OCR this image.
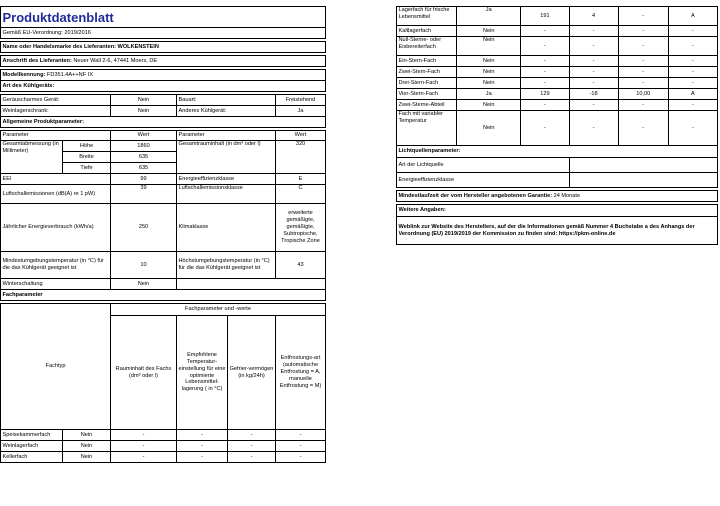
Produktdatenblatt					
Gemäß EU-Verordnung: 2019/2016					

Name oder Handelsmarke des Lieferanten: WOLKENSTEIN					

Anschrift des Lieferanten: Neuer Wall 2-6, 47441 Moers, DE					

Modellkennung: FD351.4A++NF IX					
Art des Kühlgeräts:					

Geräuscharmes Gerät:		Nein	Bauart:		Freistehend
Weinlagerschrank:		Nein	Anderes Kühlgerät:		Ja
Allgemeine Produktparameter:					

Parameter		Wert	Parameter		Wert
Gesamtabmessung (in Millimeter)	Höhe	1860	Gesamtrauminhalt (in dm³ oder l)		320
	Breite	635			
	Tiefe	635			
EEI		99	Energieeffizienzklasse		E
Luftschallemissionen (dB(A) re 1 pW)		39	Luftschallemissionsklasse		C
Jährlicher Energieverbrauch (kWh/a)		250	Klimaklasse		erweiterte gemäßigte, gemäßigte, Subtropische, Tropische Zone
Mindestumgebungstemperatur (in °C) für die das Kühlgerät geeignet ist		10	Höchstumgebungstemperatur (in °C) für die das Kühlgerät geeignet ist		43
Winterschaltung		Nein			
Fachparameter					

Fachtyp		Fachparameter und -werte			
		Rauminhalt des Fachs (dm³ oder l)	Empfohlene Temperatur-einstellung für eine optimierte Lebensmittel-lagerung ( in °C)	Gefrier-vermögen (in kg/24h)	Entfrostungs-art (automatische Entfrostung = A, manuelle Entfrostung = M)
Speisekammerfach	Nein	-	-	-	-
Weinlagerfach	Nein	-	-	-	-
Kellerfach	Nein	-	-	-	-
Lagerfach für frische Lebensmittel	Ja	191	4	-	A
Kaltlagerfach	Nein	-	-	-	-
Null-Sterne- oder Eisbereiterfach	Nein	-	-	-	-
Ein-Stern-Fach	Nein	-	-	-	-
Zwei-Stern-Fach	Nein	-	-	-	-
Drei-Stern-Fach	Nein	-	-	-	-
Vier-Stern-Fach	Ja	129	-18	10,00	A
Zwei-Sterne-Abteil	Nein	-	-	-	-
Fach mit variabler Temperatur	Nein	-	-	-	-
Lichtquellenparameter:					
Art der Lichtquelle					
Energieeffizienzklasse					

Mindestlaufzeit der vom Hersteller angebotenen Garantie: 24 Monate					

Weitere Angaben:					
Weblink zur Website des Herstellers, auf der die Informationen gemäß Nummer 4 Buchstabe a des Anhangs der Verordnung (EU) 2019/2019 der Kommission zu finden sind: https://pkm-online.de					
